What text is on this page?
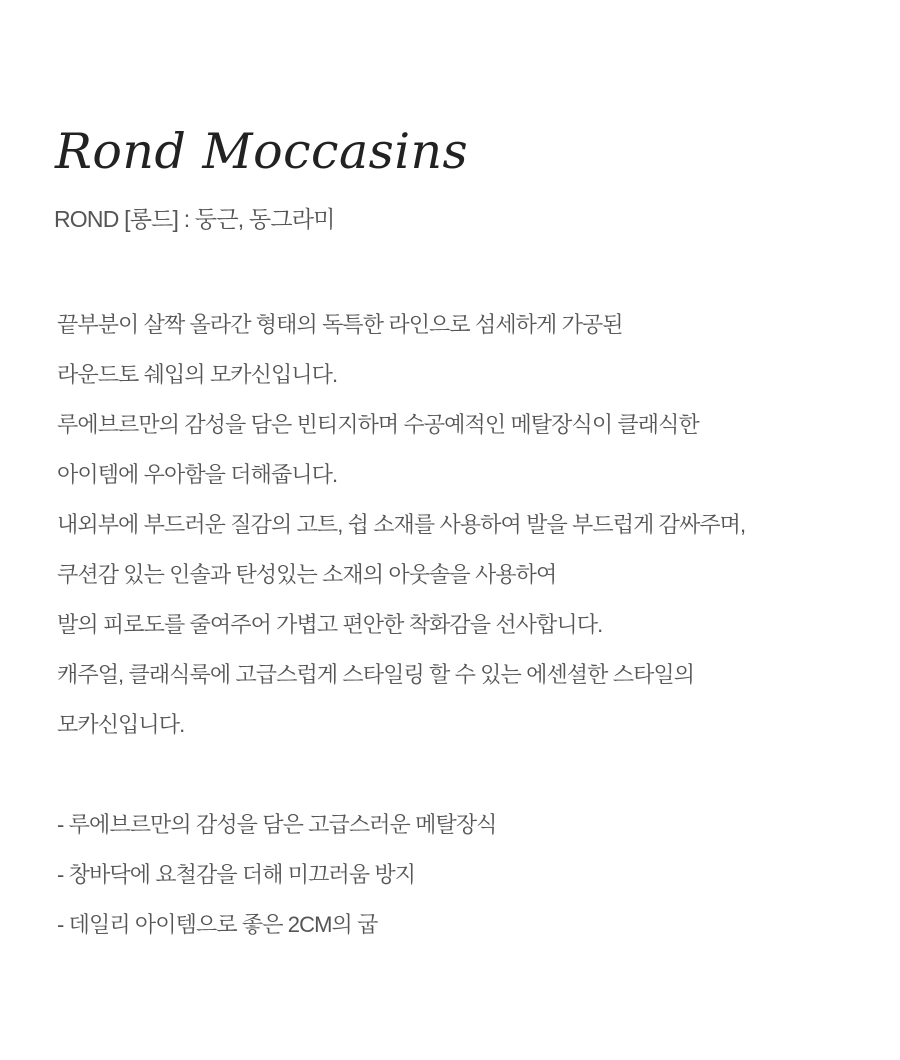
Rond Moccasins
ROND [롱드] : 둥근, 동그라미
끝부분이 살짝 올라간 형태의 독특한 라인으로 섬세하게 가공된
라운드토 쉐입의 모카신입니다.
루에브르만의 감성을 담은 빈티지하며 수공예적인 메탈장식이 클래식한
아이템에 우아함을 더해줍니다.
내외부에 부드러운 질감의 고트, 쉽 소재를 사용하여 발을 부드럽게 감싸주며,
쿠션감 있는 인솔과 탄성있는 소재의 아웃솔을 사용하여
발의 피로도를 줄여주어 가볍고 편안한 착화감을 선사합니다.
캐주얼, 클래식룩에 고급스럽게 스타일링 할 수 있는 에센셜한 스타일의
모카신입니다.
- 루에브르만의 감성을 담은 고급스러운 메탈장식
- 창바닥에 요철감을 더해 미끄러움 방지
- 데일리 아이템으로 좋은 2CM의 굽
